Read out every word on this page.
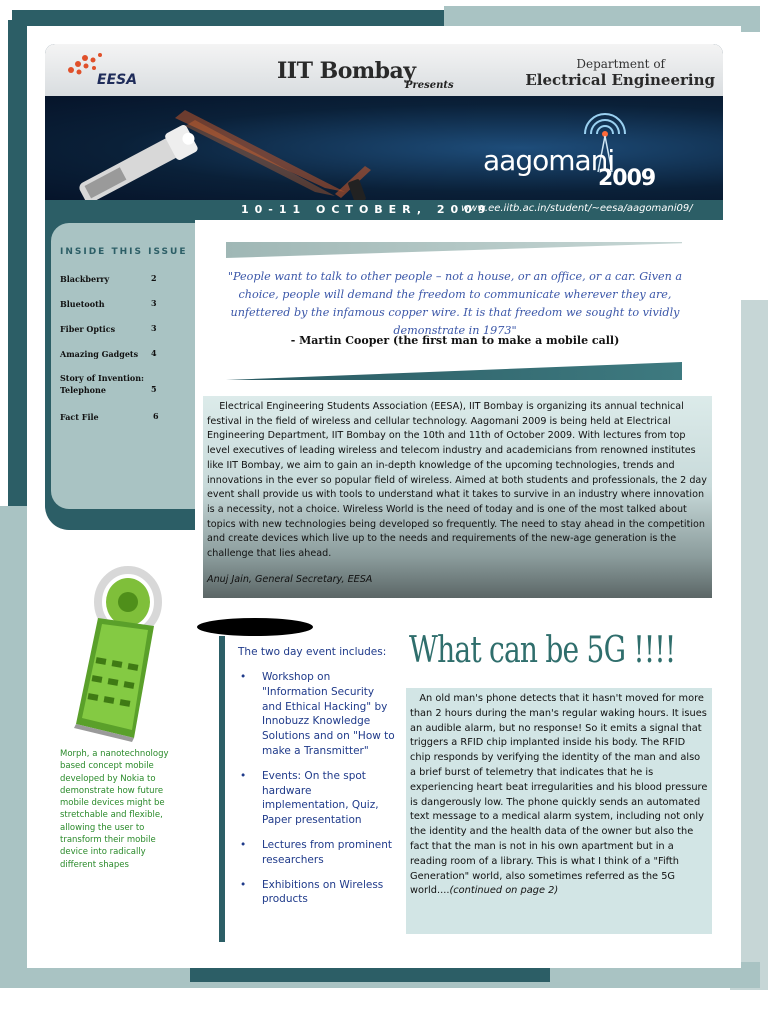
EESA	IIT Bombay
Presents
Department of
Electrical Engineering
aagomani
2009
10-11 OCTOBER, 2009
www.ee.iitb.ac.in/student/~eesa/aagomani09/
INSIDE THIS ISSUE
Blackberry	2
Bluetooth	3
Fiber Optics	3
Amazing Gadgets	4
Story of Invention: Telephone	5
Fact File	6
"People want to talk to other people – not a house, or an office, or a car. Given a choice, people will demand the freedom to communicate wherever they are, unfettered by the infamous copper wire. It is that freedom we sought to vividly demonstrate in 1973"
- Martin Cooper (the first man to make a mobile call)
Electrical Engineering Students Association (EESA), IIT Bombay is organizing its annual technical festival in the field of wireless and cellular technology. Aagomani 2009 is being held at Electrical Engineering Department, IIT Bombay on the 10th and 11th of October 2009. With lectures from top level executives of leading wireless and telecom industry and academicians from renowned institutes like IIT Bombay, we aim to gain an in-depth knowledge of the upcoming technologies, trends and innovations in the ever so popular field of wireless. Aimed at both students and professionals, the 2 day event shall provide us with tools to understand what it takes to survive in an industry where innovation is a necessity, not a choice. Wireless World is the need of today and is one of the most talked about topics with new technologies being developed so frequently. The need to stay ahead in the competition and create devices which live up to the needs and requirements of the new-age generation is the challenge that lies ahead.
Anuj Jain, General Secretary, EESA
Morph, a nanotechnology based concept mobile developed by Nokia to demonstrate how future mobile devices might be stretchable and flexible, allowing the user to transform their mobile device into radically different shapes
The two day event includes:
• Workshop on "Information Security and Ethical Hacking" by Innobuzz Knowledge Solutions and on "How to make a Transmitter"
• Events: On the spot hardware implementation, Quiz, Paper presentation
• Lectures from prominent researchers
• Exhibitions on Wireless products
What can be 5G !!!!
An old man's phone detects that it hasn't moved for more than 2 hours during the man's regular waking hours. It isues an audible alarm, but no response! So it emits a signal that triggers a RFID chip implanted inside his body. The RFID chip responds by verifying the identity of the man and also a brief burst of telemetry that indicates that he is experiencing heart beat irregularities and his blood pressure is dangerously low. The phone quickly sends an automated text message to a medical alarm system, including not only the identity and the health data of the owner but also the fact that the man is not in his own apartment but in a reading room of a library. This is what I think of a "Fifth Generation" world, also sometimes referred as the 5G world....(continued on page 2)
